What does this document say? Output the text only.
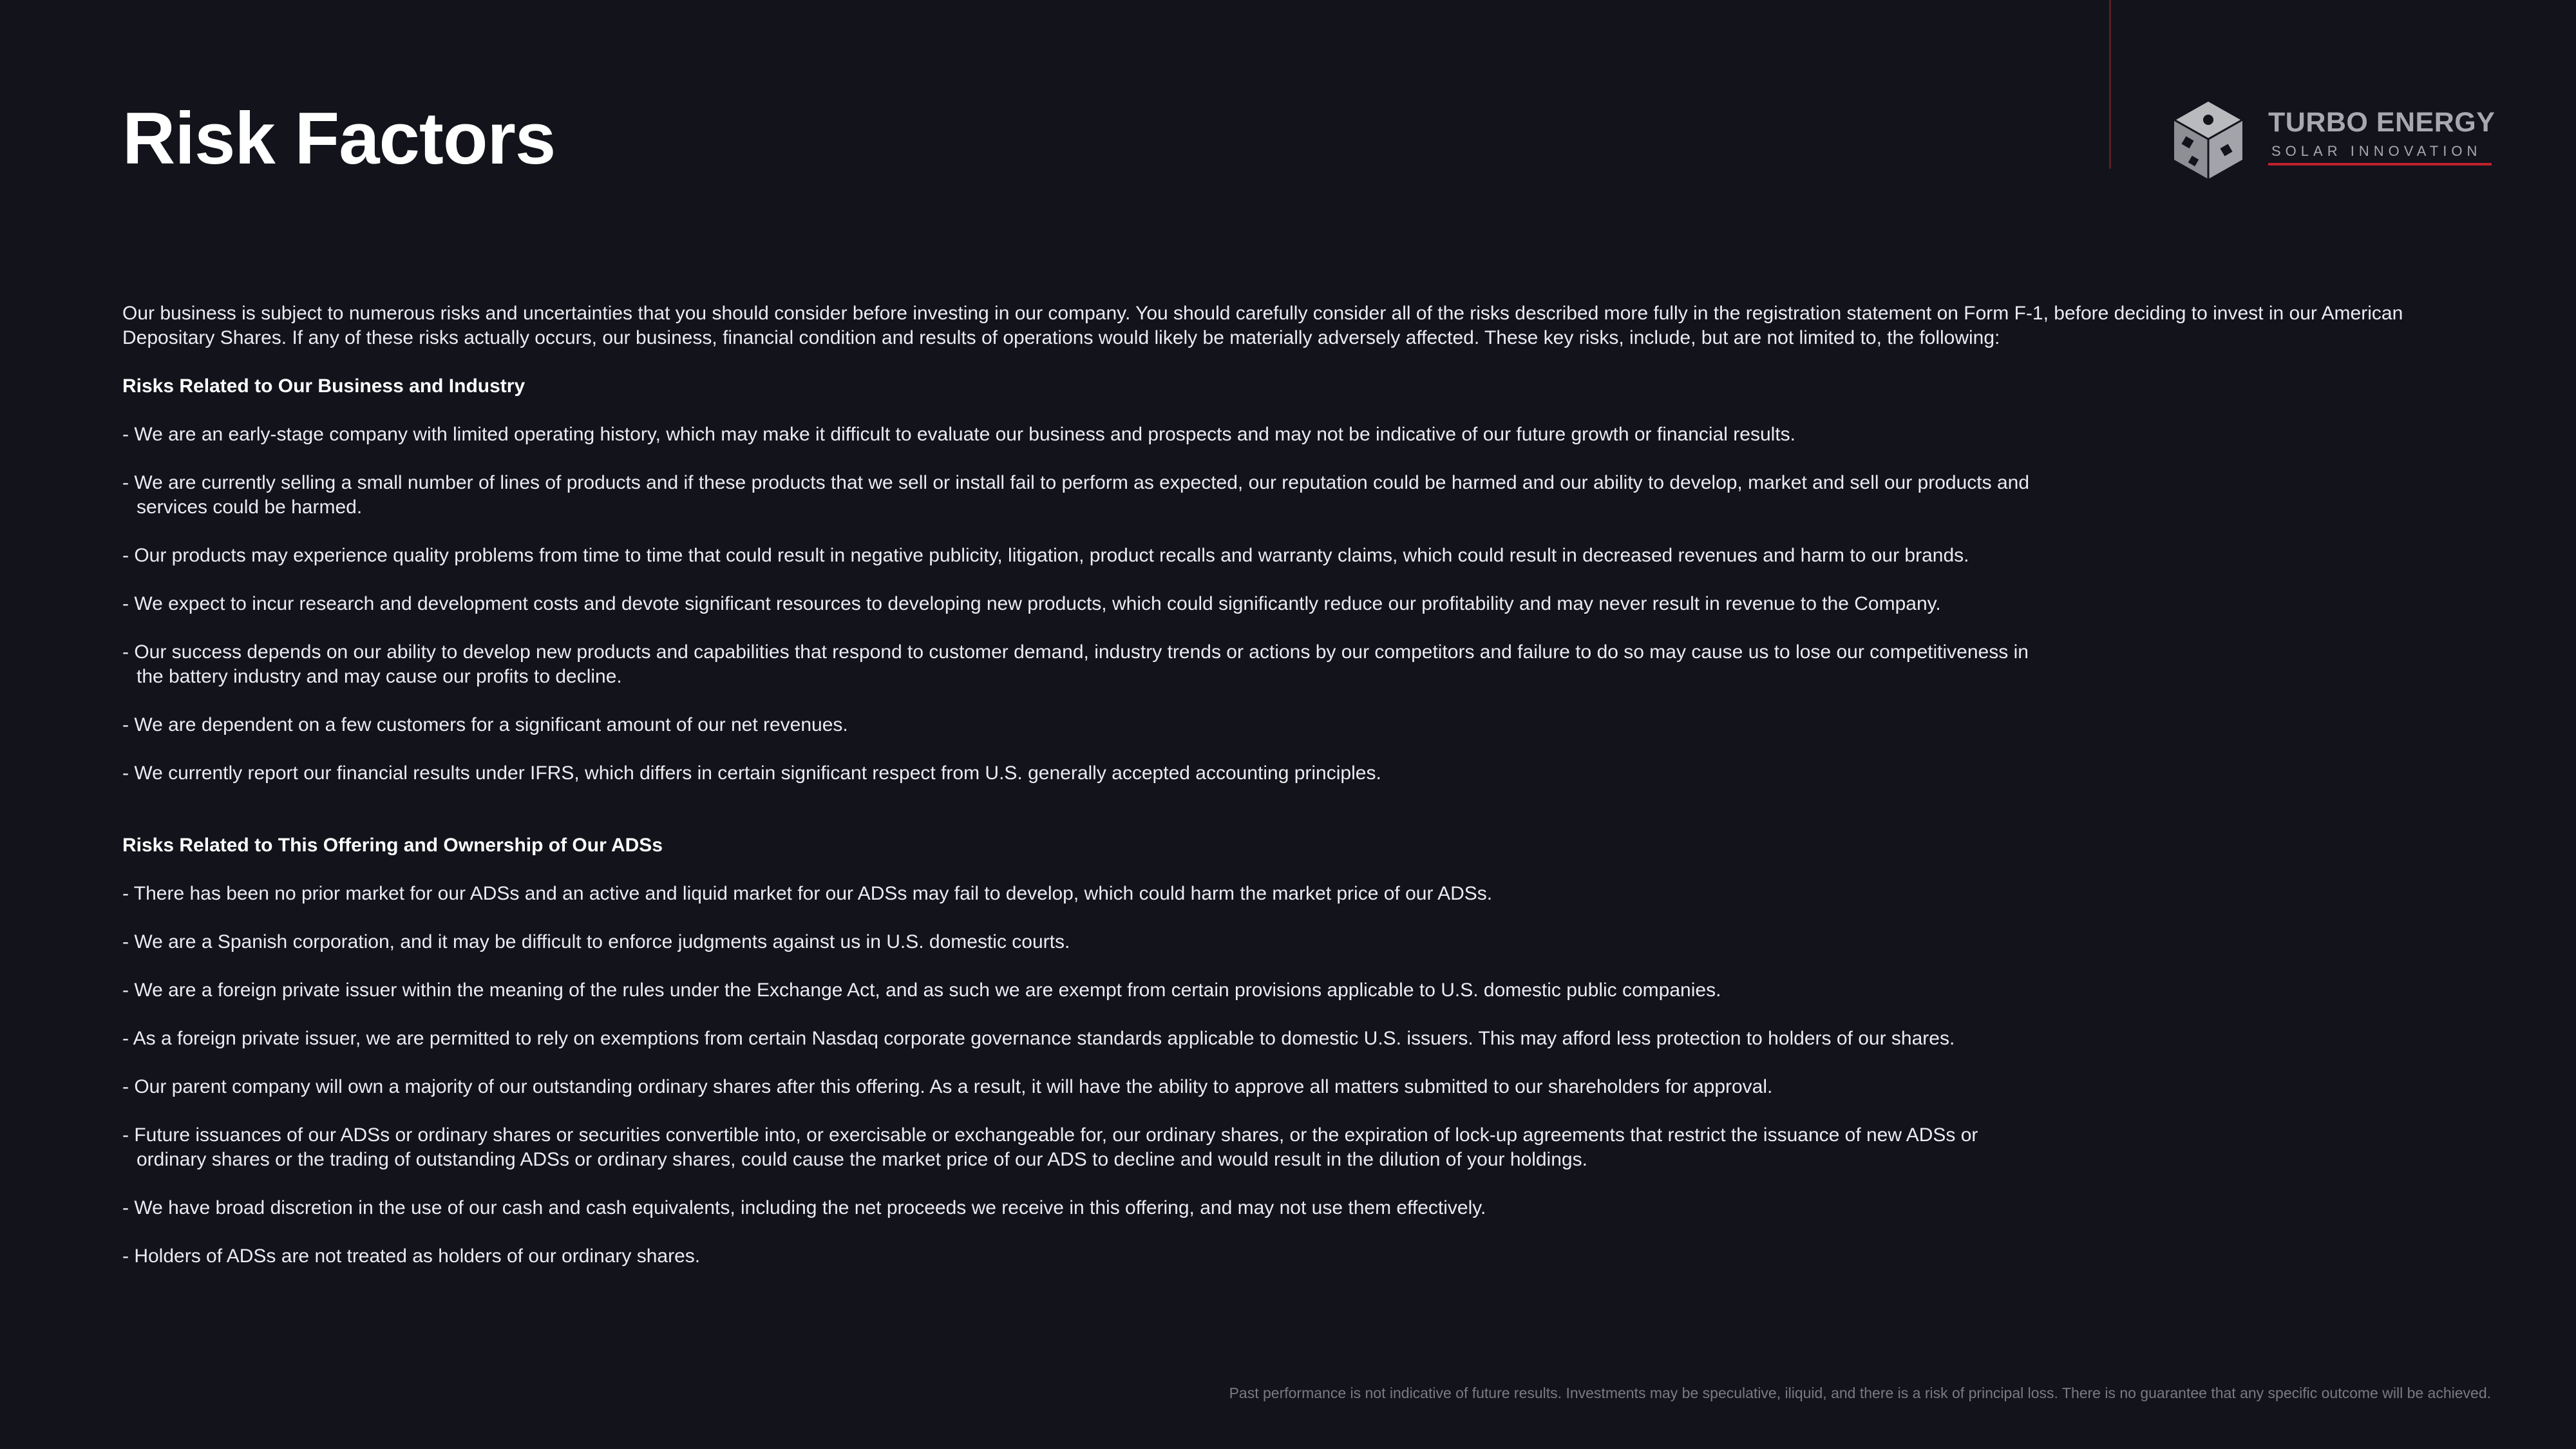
Risk Factors	TURBO ENERGY
SOLAR INNOVATION

Our business is subject to numerous risks and uncertainties that you should consider before investing in our company. You should carefully consider all of the risks described more fully in the registration statement on Form F-1, before deciding to invest in our American Depositary Shares. If any of these risks actually occurs, our business, financial condition and results of operations would likely be materially adversely affected. These key risks, include, but are not limited to, the following:

Risks Related to Our Business and Industry
- We are an early-stage company with limited operating history, which may make it difficult to evaluate our business and prospects and may not be indicative of our future growth or financial results.
- We are currently selling a small number of lines of products and if these products that we sell or install fail to perform as expected, our reputation could be harmed and our ability to develop, market and sell our products and
services could be harmed.
- Our products may experience quality problems from time to time that could result in negative publicity, litigation, product recalls and warranty claims, which could result in decreased revenues and harm to our brands.
- We expect to incur research and development costs and devote significant resources to developing new products, which could significantly reduce our profitability and may never result in revenue to the Company.
- Our success depends on our ability to develop new products and capabilities that respond to customer demand, industry trends or actions by our competitors and failure to do so may cause us to lose our competitiveness in
the battery industry and may cause our profits to decline.
- We are dependent on a few customers for a significant amount of our net revenues.
- We currently report our financial results under IFRS, which differs in certain significant respect from U.S. generally accepted accounting principles.
Risks Related to This Offering and Ownership of Our ADSs
- There has been no prior market for our ADSs and an active and liquid market for our ADSs may fail to develop, which could harm the market price of our ADSs.
- We are a Spanish corporation, and it may be difficult to enforce judgments against us in U.S. domestic courts.
- We are a foreign private issuer within the meaning of the rules under the Exchange Act, and as such we are exempt from certain provisions applicable to U.S. domestic public companies.
- As a foreign private issuer, we are permitted to rely on exemptions from certain Nasdaq corporate governance standards applicable to domestic U.S. issuers. This may afford less protection to holders of our shares.
- Our parent company will own a majority of our outstanding ordinary shares after this offering. As a result, it will have the ability to approve all matters submitted to our shareholders for approval.
- Future issuances of our ADSs or ordinary shares or securities convertible into, or exercisable or exchangeable for, our ordinary shares, or the expiration of lock-up agreements that restrict the issuance of new ADSs or
ordinary shares or the trading of outstanding ADSs or ordinary shares, could cause the market price of our ADS to decline and would result in the dilution of your holdings.
- We have broad discretion in the use of our cash and cash equivalents, including the net proceeds we receive in this offering, and may not use them effectively.
- Holders of ADSs are not treated as holders of our ordinary shares.
Past performance is not indicative of future results. Investments may be speculative, iliquid, and there is a risk of principal loss. There is no guarantee that any specific outcome will be achieved.
